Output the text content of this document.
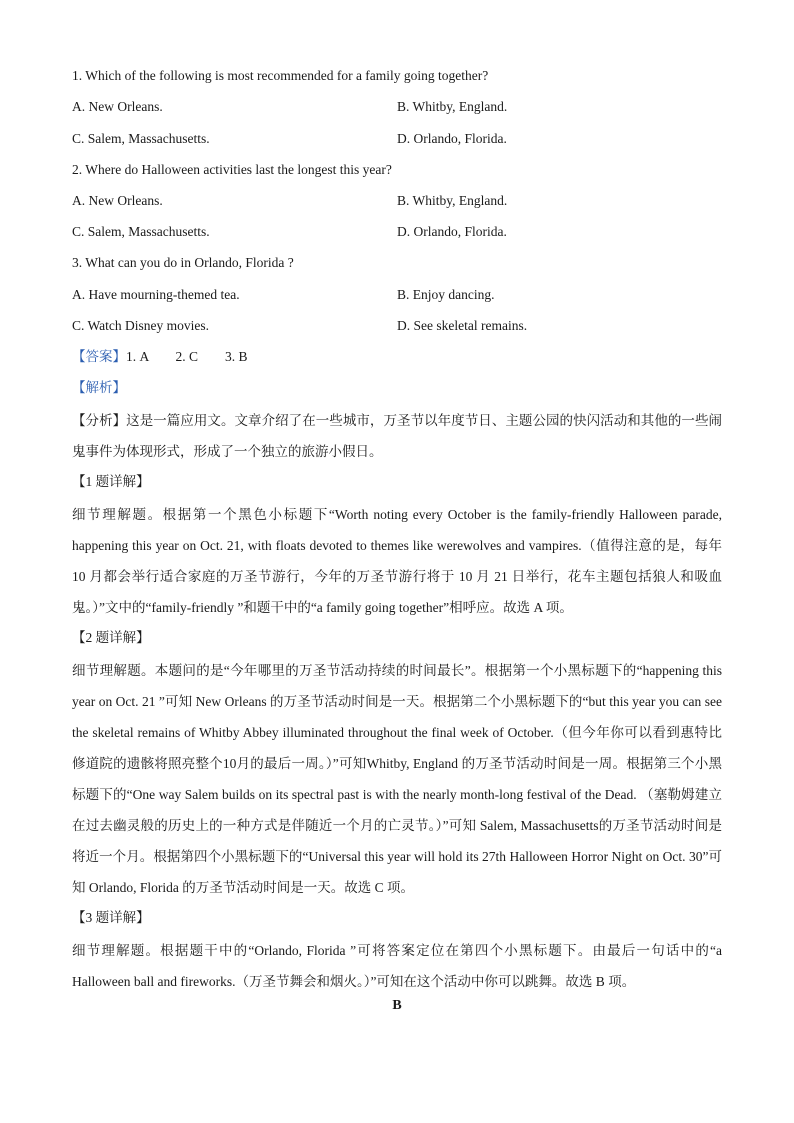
1. Which of the following is most recommended for a family going together?
A. New Orleans.	B. Whitby, England.
C. Salem, Massachusetts.	D. Orlando, Florida.
2. Where do Halloween activities last the longest this year?
A. New Orleans.	B. Whitby, England.
C. Salem, Massachusetts.	D. Orlando, Florida.
3. What can you do in Orlando, Florida ?
A. Have mourning-themed tea.	B. Enjoy dancing.
C. Watch Disney movies.	D. See skeletal remains.
【答案】1. A        2. C        3. B
【解析】
【分析】这是一篇应用文。文章介绍了在一些城市，万圣节以年度节日、主题公园的快闪活动和其他的一些闹鬼事件为体现形式，形成了一个独立的旅游小假日。
【1 题详解】
细节理解题。根据第一个黑色小标题下“Worth noting every October is the family-friendly Halloween parade, happening this year on Oct. 21, with floats devoted to themes like werewolves and vampires.（值得注意的是，每年 10 月都会举行适合家庭的万圣节游行，今年的万圣节游行将于 10 月 21 日举行，花车主题包括狼人和吸血鬼。）”文中的“family-friendly ”和题干中的“a family going together”相呼应。故选 A 项。
【2 题详解】
细节理解题。本题问的是“今年哪里的万圣节活动持续的时间最长”。根据第一个小黑标题下的“happening this year on Oct. 21 ”可知 New Orleans 的万圣节活动时间是一天。根据第二个小黑标题下的“but this year you can see the skeletal remains of Whitby Abbey illuminated throughout the final week of October.（但今年你可以看到惠特比修道院的遗骸将照亮整个10月的最后一周。）”可知Whitby, England 的万圣节活动时间是一周。根据第三个小黑标题下的“One way Salem builds on its spectral past is with the nearly month-long festival of the Dead. （塞勒姆建立在过去幽灵般的历史上的一种方式是伴随近一个月的亡灵节。）”可知 Salem, Massachusetts的万圣节活动时间是将近一个月。根据第四个小黑标题下的“Universal this year will hold its 27th Halloween Horror Night on Oct. 30”可知 Orlando, Florida 的万圣节活动时间是一天。故选 C 项。
【3 题详解】
细节理解题。根据题干中的“Orlando, Florida ”可将答案定位在第四个小黑标题下。由最后一句话中的“a Halloween ball and fireworks.（万圣节舞会和烟火。）”可知在这个活动中你可以跳舞。故选 B 项。
B
